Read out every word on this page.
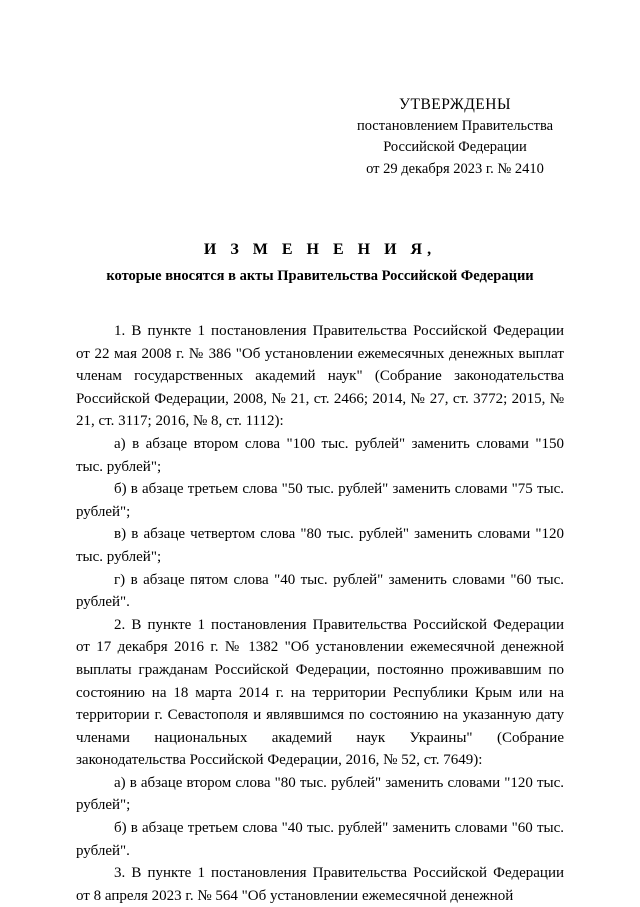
УТВЕРЖДЕНЫ
постановлением Правительства
Российской Федерации
от 29 декабря 2023 г. № 2410
И З М Е Н Е Н И Я,
которые вносятся в акты Правительства Российской Федерации

1. В пункте 1 постановления Правительства Российской Федерации от 22 мая 2008 г. № 386 "Об установлении ежемесячных денежных выплат членам государственных академий наук" (Собрание законодательства Российской Федерации, 2008, № 21, ст. 2466; 2014, № 27, ст. 3772; 2015, № 21, ст. 3117; 2016, № 8, ст. 1112):

а) в абзаце втором слова "100 тыс. рублей" заменить словами "150 тыс. рублей";

б) в абзаце третьем слова "50 тыс. рублей" заменить словами "75 тыс. рублей";

в) в абзаце четвертом слова "80 тыс. рублей" заменить словами "120 тыс. рублей";

г) в абзаце пятом слова "40 тыс. рублей" заменить словами "60 тыс. рублей".

2. В пункте 1 постановления Правительства Российской Федерации от 17 декабря 2016 г. № 1382 "Об установлении ежемесячной денежной выплаты гражданам Российской Федерации, постоянно проживавшим по состоянию на 18 марта 2014 г. на территории Республики Крым или на территории г. Севастополя и являвшимся по состоянию на указанную дату членами национальных академий наук Украины" (Собрание законодательства Российской Федерации, 2016, № 52, ст. 7649):

а) в абзаце втором слова "80 тыс. рублей" заменить словами "120 тыс. рублей";

б) в абзаце третьем слова "40 тыс. рублей" заменить словами "60 тыс. рублей".

3. В пункте 1 постановления Правительства Российской Федерации от 8 апреля 2023 г. № 564 "Об установлении ежемесячной денежной
